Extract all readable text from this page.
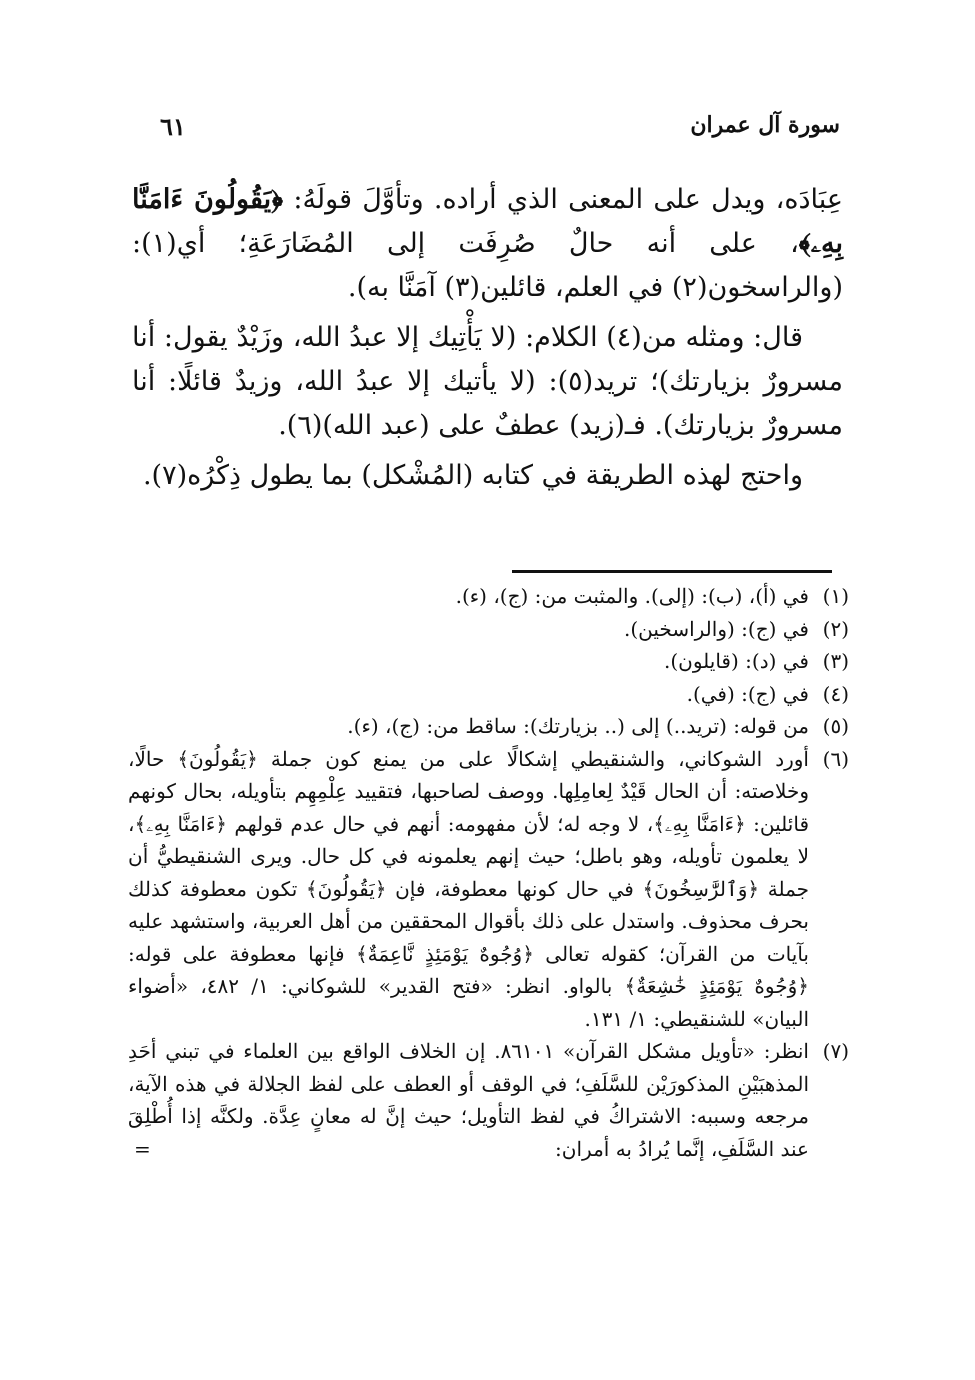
سورة آل عمران
٦١

عِبَادَه، ويدل على المعنى الذي أراده. وتأوَّلَ قولَهُ: ﴿يَقُولُونَ ءَامَنَّا بِهِۦ﴾، على أنه حالٌ صُرِفَت إلى المُضَارَعَةِ؛ أي(١): (والراسخون(٢) في العلم، قائلين(٣) آمَنَّا به).

قال: ومثله من(٤) الكلام: (لا يَأْتِيك إلا عبدُ الله، وزَيْدٌ يقول: أنا مسرورٌ بزيارتك)؛ تريد(٥): (لا يأتيك إلا عبدُ الله، وزيدٌ قائلًا: أنا مسرورٌ بزيارتك). فـ(زيد) عطفٌ على (عبد الله)(٦).

واحتج لهذه الطريقة في كتابه (المُشْكل) بما يطول ذِكْرُه(٧).

(١)
في (أ)، (ب): (إلى). والمثبت من: (ج)، (ء).
(٢)
في (ج): (والراسخين).
(٣)
في (د): (قايلون).
(٤)
في (ج): (في).
(٥)
من قوله: (تريد..) إلى (.. بزيارتك): ساقط من: (ج)، (ء).
(٦)
أورد الشوكاني، والشنقيطي إشكالًا على من يمنع كون جملة ﴿يَقُولُونَ﴾ حالًا، وخلاصته: أن الحال قَيْدٌ لِعامِلِها. ووصف لصاحبها، فتقييد عِلْمِهِم بتأويله، بحال كونهم قائلين: ﴿ءَامَنَّا بِهِۦ﴾، لا وجه له؛ لأن مفهومه: أنهم في حال عدم قولهم ﴿ءَامَنَّا بِهِۦ﴾، لا يعلمون تأويله، وهو باطل؛ حيث إنهم يعلمونه في كل حال. ويرى الشنقيطيُّ أن جملة ﴿وَٱلرَّٰسِخُونَ﴾ في حال كونها معطوفة، فإن ﴿يَقُولُونَ﴾ تكون معطوفة كذلك بحرف محذوف. واستدل على ذلك بأقوال المحققين من أهل العربية، واستشهد عليه بآيات من القرآن؛ كقوله تعالى ﴿وُجُوهٌ يَوْمَئِذٍ نَّاعِمَةٌ﴾ فإنها معطوفة على قوله: ﴿وُجُوهٌ يَوْمَئِذٍ خَٰشِعَةٌ﴾ بالواو. انظر: «فتح القدير» للشوكاني: ١/ ٤٨٢، «أضواء البيان» للشنقيطي: ١/ ١٣١.
(٧)
انظر: «تأويل مشكل القرآن» ٨٦١٠١. إن الخلاف الواقع بين العلماء في تبني أحَدِ المذهبَيْنِ المذكورَيْن للسَّلَفِ؛ في الوقف أو العطف على لفظ الجلالة في هذه الآية، مرجعه وسببه: الاشتراكُ في لفظ التأويل؛ حيث إنَّ له معانٍ عِدَّة. ولكنَّه إذا أُطْلِقَ عند السَّلَفِ، إنَّما يُرادُ به أمران:
=
